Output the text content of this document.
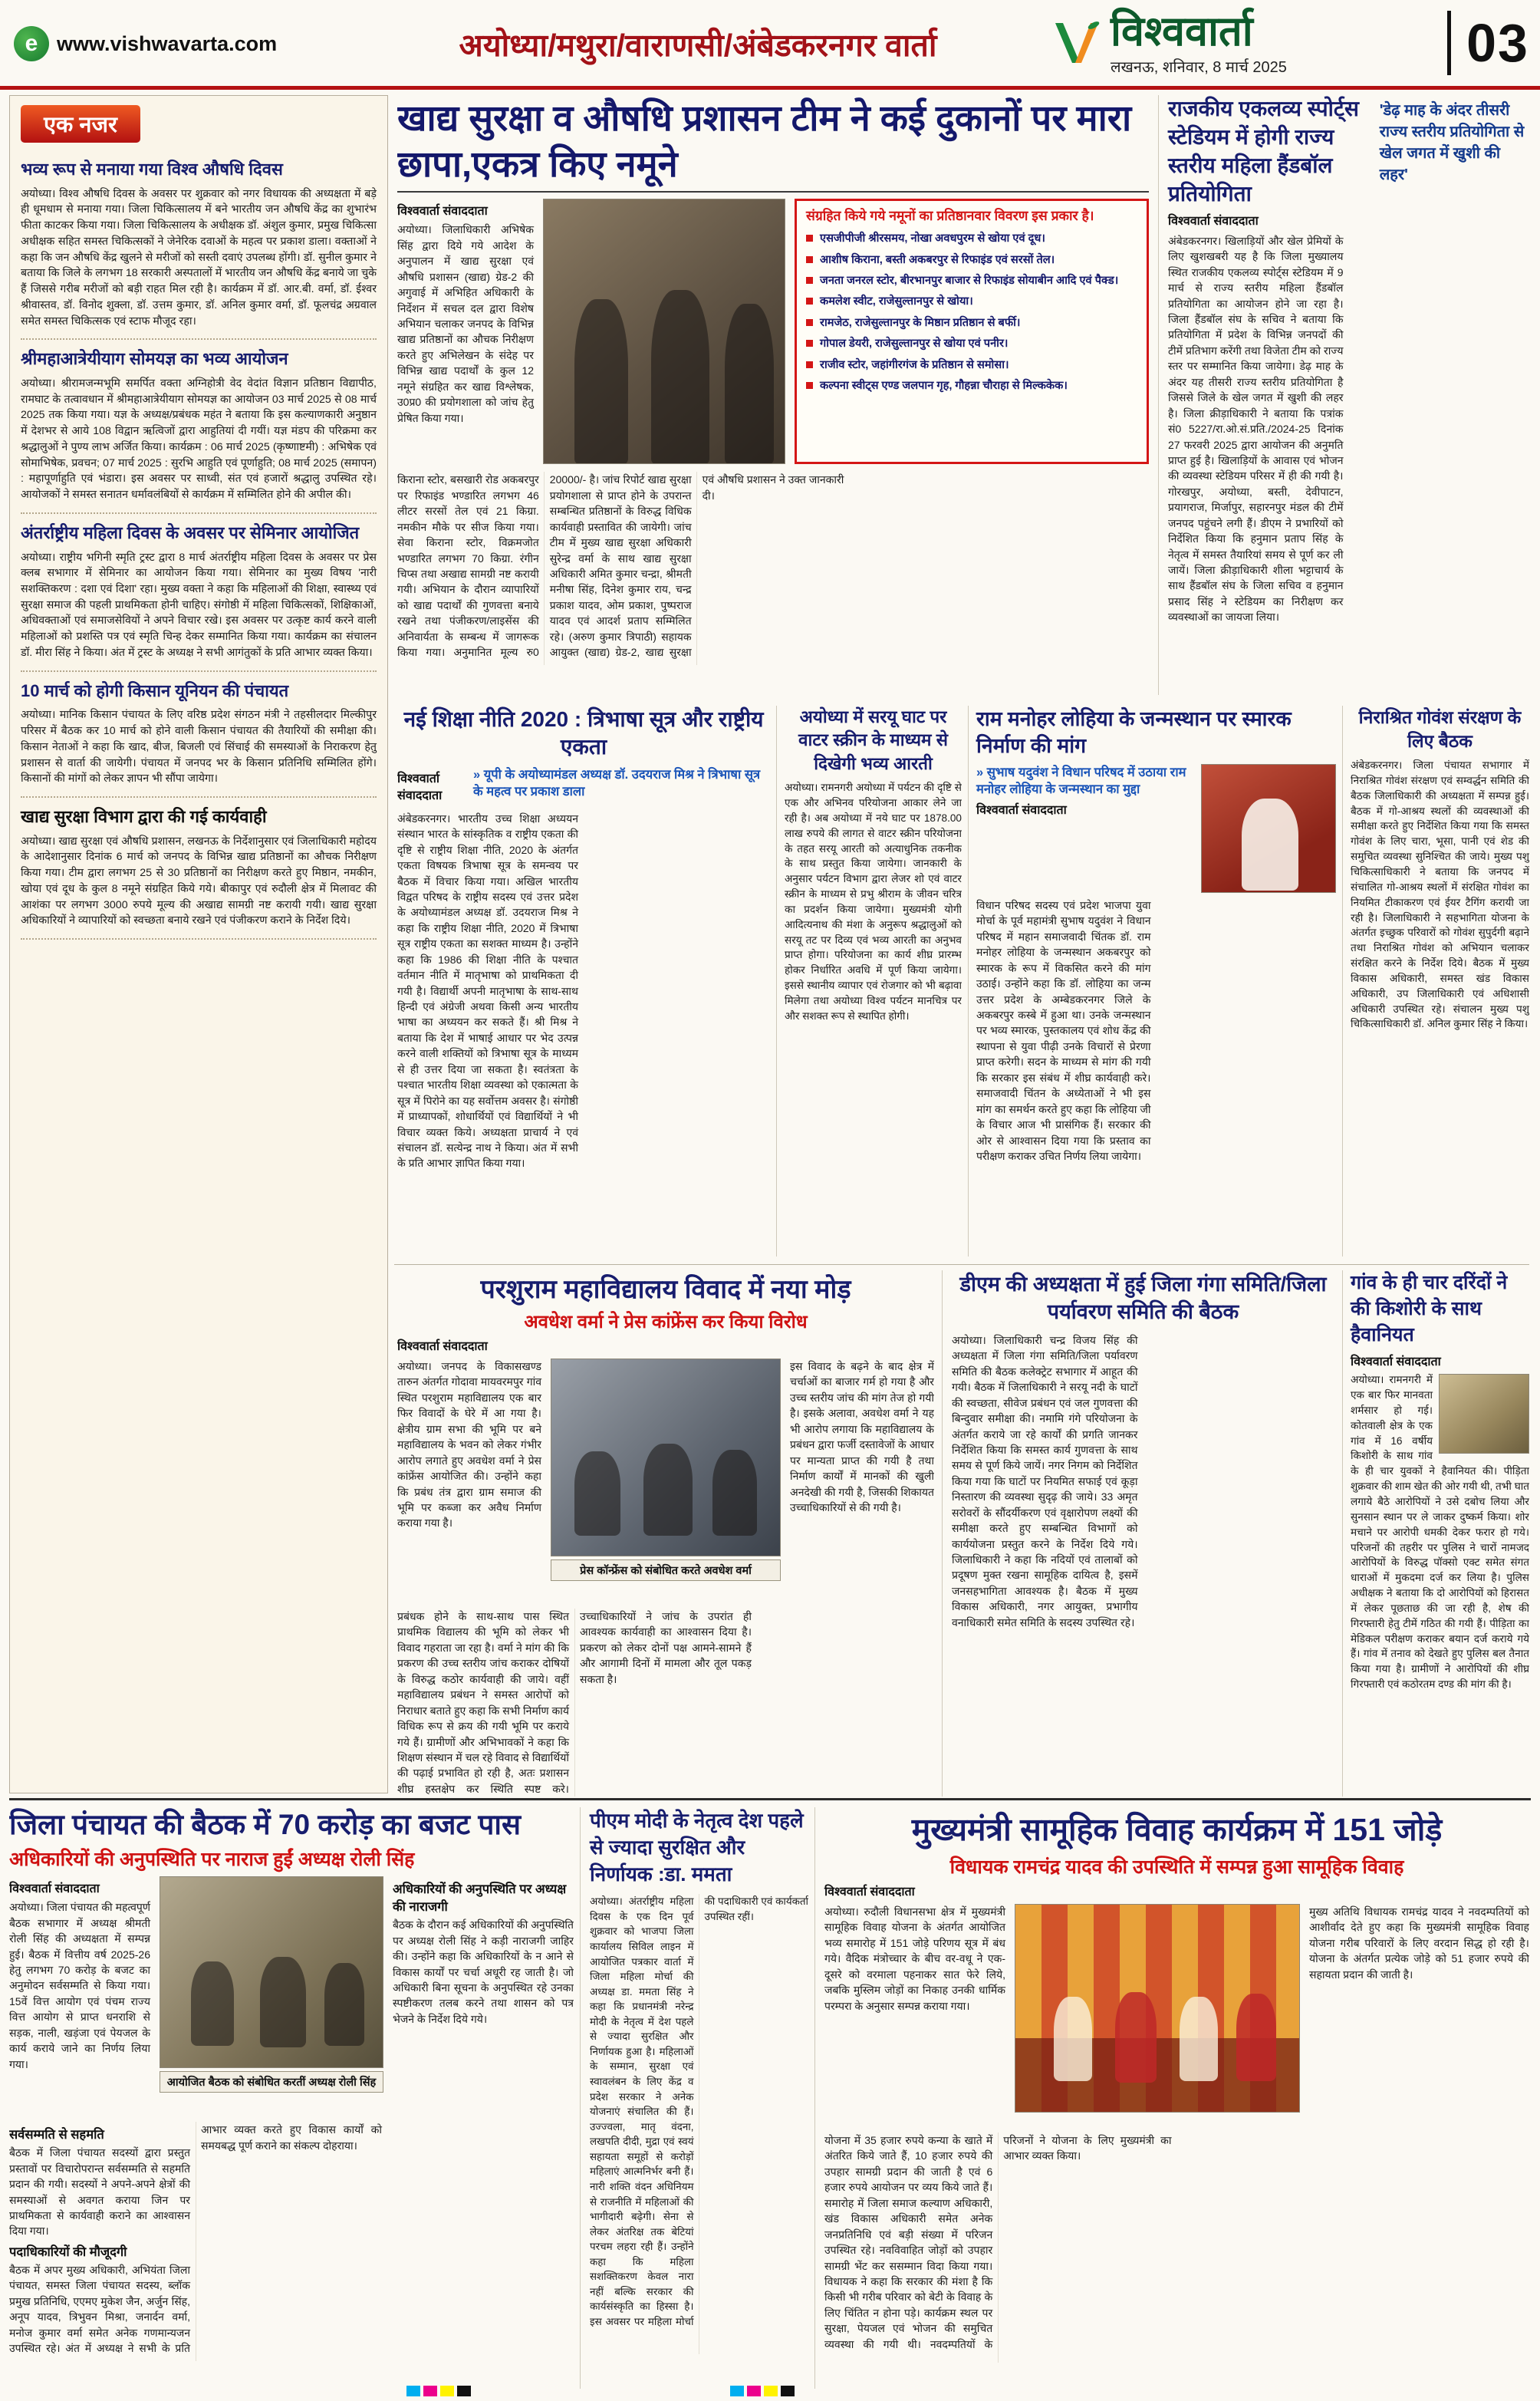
e www.vishwavarta.com	अयोध्या/मथुरा/वाराणसी/अंबेडकरनगर वार्ता	विश्ववार्ता
लखनऊ, शनिवार, 8 मार्च 2025	03
एक नजर
भव्य रूप से मनाया गया विश्व औषधि दिवस
अयोध्या। विश्व औषधि दिवस के अवसर पर शुक्रवार को नगर विधायक की अध्यक्षता में बड़े ही धूमधाम से मनाया गया। जिला चिकित्सालय में बने भारतीय जन औषधि केंद्र का शुभारंभ फीता काटकर किया गया। जिला चिकित्सालय के अधीक्षक डॉ. अंशुल कुमार, प्रमुख चिकित्सा अधीक्षक सहित समस्त चिकित्सकों ने जेनेरिक दवाओं के महत्व पर प्रकाश डाला। वक्ताओं ने कहा कि जन औषधि केंद्र खुलने से मरीजों को सस्ती दवाएं उपलब्ध होंगी। डॉ. सुनील कुमार ने बताया कि जिले के लगभग 18 सरकारी अस्पतालों में भारतीय जन औषधि केंद्र बनाये जा चुके हैं जिससे गरीब मरीजों को बड़ी राहत मिल रही है। कार्यक्रम में डॉ. आर.बी. वर्मा, डॉ. ईश्वर श्रीवास्तव, डॉ. विनोद शुक्ला, डॉ. उत्तम कुमार, डॉ. अनिल कुमार वर्मा, डॉ. फूलचंद्र अग्रवाल समेत समस्त चिकित्सक एवं स्टाफ मौजूद रहा।
श्रीमहाआत्रेयीयाग सोमयज्ञ का भव्य आयोजन
अयोध्या। श्रीरामजन्मभूमि समर्पित वक्ता अग्निहोत्री वेद वेदांत विज्ञान प्रतिष्ठान विद्यापीठ, रामघाट के तत्वावधान में श्रीमहाआत्रेयीयाग सोमयज्ञ का आयोजन 03 मार्च 2025 से 08 मार्च 2025 तक किया गया। यज्ञ के अध्यक्ष/प्रबंधक महंत ने बताया कि इस कल्याणकारी अनुष्ठान में देशभर से आये 108 विद्वान ऋत्विजों द्वारा आहुतियां दी गयीं। यज्ञ मंडप की परिक्रमा कर श्रद्धालुओं ने पुण्य लाभ अर्जित किया। कार्यक्रम : 06 मार्च 2025 (कृष्णाष्टमी) : अभिषेक एवं सोमाभिषेक, प्रवचन; 07 मार्च 2025 : सुरभि आहुति एवं पूर्णाहुति; 08 मार्च 2025 (समापन) : महापूर्णाहुति एवं भंडारा। इस अवसर पर साध्वी, संत एवं हजारों श्रद्धालु उपस्थित रहे। आयोजकों ने समस्त सनातन धर्मावलंबियों से कार्यक्रम में सम्मिलित होने की अपील की।
अंतर्राष्ट्रीय महिला दिवस के अवसर पर सेमिनार आयोजित
अयोध्या। राष्ट्रीय भगिनी स्मृति ट्रस्ट द्वारा 8 मार्च अंतर्राष्ट्रीय महिला दिवस के अवसर पर प्रेस क्लब सभागार में सेमिनार का आयोजन किया गया। सेमिनार का मुख्य विषय 'नारी सशक्तिकरण : दशा एवं दिशा' रहा। मुख्य वक्ता ने कहा कि महिलाओं की शिक्षा, स्वास्थ्य एवं सुरक्षा समाज की पहली प्राथमिकता होनी चाहिए। संगोष्ठी में महिला चिकित्सकों, शिक्षिकाओं, अधिवक्ताओं एवं समाजसेवियों ने अपने विचार रखे। इस अवसर पर उत्कृष्ट कार्य करने वाली महिलाओं को प्रशस्ति पत्र एवं स्मृति चिन्ह देकर सम्मानित किया गया। कार्यक्रम का संचालन डॉ. मीरा सिंह ने किया। अंत में ट्रस्ट के अध्यक्ष ने सभी आगंतुकों के प्रति आभार व्यक्त किया।
10 मार्च को होगी किसान यूनियन की पंचायत
अयोध्या। मानिक किसान पंचायत के लिए वरिष्ठ प्रदेश संगठन मंत्री ने तहसीलदार मिल्कीपुर परिसर में बैठक कर 10 मार्च को होने वाली किसान पंचायत की तैयारियों की समीक्षा की। किसान नेताओं ने कहा कि खाद, बीज, बिजली एवं सिंचाई की समस्याओं के निराकरण हेतु प्रशासन से वार्ता की जायेगी। पंचायत में जनपद भर के किसान प्रतिनिधि सम्मिलित होंगे। किसानों की मांगों को लेकर ज्ञापन भी सौंपा जायेगा।
खाद्य सुरक्षा विभाग द्वारा की गई कार्यवाही
अयोध्या। खाद्य सुरक्षा एवं औषधि प्रशासन, लखनऊ के निर्देशानुसार एवं जिलाधिकारी महोदय के आदेशानुसार दिनांक 6 मार्च को जनपद के विभिन्न खाद्य प्रतिष्ठानों का औचक निरीक्षण किया गया। टीम द्वारा लगभग 25 से 30 प्रतिष्ठानों का निरीक्षण करते हुए मिष्ठान, नमकीन, खोया एवं दूध के कुल 8 नमूने संग्रहित किये गये। बीकापुर एवं रुदौली क्षेत्र में मिलावट की आशंका पर लगभग 3000 रुपये मूल्य की अखाद्य सामग्री नष्ट करायी गयी। खाद्य सुरक्षा अधिकारियों ने व्यापारियों को स्वच्छता बनाये रखने एवं पंजीकरण कराने के निर्देश दिये।
खाद्य सुरक्षा व औषधि प्रशासन टीम ने कई दुकानों पर मारा छापा,एकत्र किए नमूने
विश्ववार्ता संवाददाता
अयोध्या। जिलाधिकारी अभिषेक सिंह द्वारा दिये गये आदेश के अनुपालन में खाद्य सुरक्षा एवं औषधि प्रशासन (खाद्य) ग्रेड-2 की अगुवाई में अभिहित अधिकारी के निर्देशन में सचल दल द्वारा विशेष अभियान चलाकर जनपद के विभिन्न खाद्य प्रतिष्ठानों का औचक निरीक्षण करते हुए अभिलेखन के संदेह पर विभिन्न खाद्य पदार्थों के कुल 12 नमूने संग्रहित कर खाद्य विश्लेषक, उ0प्र0 की प्रयोगशाला को जांच हेतु प्रेषित किया गया।
संग्रहित किये गये नमूनों का प्रतिष्ठानवार विवरण इस प्रकार है।
एसजीपीजी श्रीरसमय, नोखा अवधपुरम से खोया एवं दूध।
आशीष किराना, बस्ती अकबरपुर से रिफाइंड एवं सरसों तेल।
जनता जनरल स्टोर, बीरभानपुर बाजार से रिफाइंड सोयाबीन आदि एवं पैक्ड।
कमलेश स्वीट, राजेसुल्तानपुर से खोया।
रामजेठ, राजेसुल्तानपुर के मिष्ठान प्रतिष्ठान से बर्फी।
गोपाल डेयरी, राजेसुल्तानपुर से खोया एवं पनीर।
राजीव स्टोर, जहांगीरगंज के प्रतिष्ठान से समोसा।
कल्पना स्वीट्स एण्ड जलपान गृह, गौहन्ना चौराहा से मिल्ककेक।
किराना स्टोर, बसखारी रोड अकबरपुर पर रिफाइंड भण्डारित लगभग 46 लीटर सरसों तेल एवं 21 किग्रा. नमकीन मौके पर सीज किया गया। सेवा किराना स्टोर, विक्रमजोत भण्डारित लगभग 70 किग्रा. रंगीन चिप्स तथा अखाद्य सामग्री नष्ट करायी गयी। अभियान के दौरान व्यापारियों को खाद्य पदार्थों की गुणवत्ता बनाये रखने तथा पंजीकरण/लाइसेंस की अनिवार्यता के सम्बन्ध में जागरूक किया गया। अनुमानित मूल्य रु0 20000/- है। जांच रिपोर्ट खाद्य सुरक्षा प्रयोगशाला से प्राप्त होने के उपरान्त सम्बन्धित प्रतिष्ठानों के विरुद्ध विधिक कार्यवाही प्रस्तावित की जायेगी। जांच टीम में मुख्य खाद्य सुरक्षा अधिकारी सुरेन्द्र वर्मा के साथ खाद्य सुरक्षा अधिकारी अमित कुमार चन्द्रा, श्रीमती मनीषा सिंह, दिनेश कुमार राय, चन्द्र प्रकाश यादव, ओम प्रकाश, पुष्पराज यादव एवं आदर्श प्रताप सम्मिलित रहे। (अरुण कुमार त्रिपाठी) सहायक आयुक्त (खाद्य) ग्रेड-2, खाद्य सुरक्षा एवं औषधि प्रशासन ने उक्त जानकारी दी।
राजकीय एकलव्य स्पोर्ट्स स्टेडियम में होगी राज्य स्तरीय महिला हैंडबॉल प्रतियोगिता
'डेढ़ माह के अंदर तीसरी राज्य स्तरीय प्रतियोगिता से खेल जगत में खुशी की लहर'
विश्ववार्ता संवाददाता
अंबेडकरनगर। खिलाड़ियों और खेल प्रेमियों के लिए खुशखबरी यह है कि जिला मुख्यालय स्थित राजकीय एकलव्य स्पोर्ट्स स्टेडियम में 9 मार्च से राज्य स्तरीय महिला हैंडबॉल प्रतियोगिता का आयोजन होने जा रहा है। जिला हैंडबॉल संघ के सचिव ने बताया कि प्रतियोगिता में प्रदेश के विभिन्न जनपदों की टीमें प्रतिभाग करेंगी तथा विजेता टीम को राज्य स्तर पर सम्मानित किया जायेगा। डेढ़ माह के अंदर यह तीसरी राज्य स्तरीय प्रतियोगिता है जिससे जिले के खेल जगत में खुशी की लहर है। जिला क्रीड़ाधिकारी ने बताया कि पत्रांक सं0 5227/रा.ओ.सं.प्रति./2024-25 दिनांक 27 फरवरी 2025 द्वारा आयोजन की अनुमति प्राप्त हुई है। खिलाड़ियों के आवास एवं भोजन की व्यवस्था स्टेडियम परिसर में ही की गयी है। गोरखपुर, अयोध्या, बस्ती, देवीपाटन, प्रयागराज, मिर्जापुर, सहारनपुर मंडल की टीमें जनपद पहुंचने लगी हैं। डीएम ने प्रभारियों को निर्देशित किया कि हनुमान प्रताप सिंह के नेतृत्व में समस्त तैयारियां समय से पूर्ण कर ली जायें। जिला क्रीड़ाधिकारी शीला भट्टाचार्य के साथ हैंडबॉल संघ के जिला सचिव व हनुमान प्रसाद सिंह ने स्टेडियम का निरीक्षण कर व्यवस्थाओं का जायजा लिया।
नई शिक्षा नीति 2020 : त्रिभाषा सूत्र और राष्ट्रीय एकता
विश्ववार्ता संवाददाता
» यूपी के अयोध्यामंडल अध्यक्ष डॉ. उदयराज मिश्र ने त्रिभाषा सूत्र के महत्व पर प्रकाश डाला
अंबेडकरनगर। भारतीय उच्च शिक्षा अध्ययन संस्थान भारत के सांस्कृतिक व राष्ट्रीय एकता की दृष्टि से राष्ट्रीय शिक्षा नीति, 2020 के अंतर्गत एकता विषयक त्रिभाषा सूत्र के समन्वय पर बैठक में विचार किया गया। अखिल भारतीय विद्वत परिषद के राष्ट्रीय सदस्य एवं उत्तर प्रदेश के अयोध्यामंडल अध्यक्ष डॉ. उदयराज मिश्र ने कहा कि राष्ट्रीय शिक्षा नीति, 2020 में त्रिभाषा सूत्र राष्ट्रीय एकता का सशक्त माध्यम है। उन्होंने कहा कि 1986 की शिक्षा नीति के पश्चात वर्तमान नीति में मातृभाषा को प्राथमिकता दी गयी है। विद्यार्थी अपनी मातृभाषा के साथ-साथ हिन्दी एवं अंग्रेजी अथवा किसी अन्य भारतीय भाषा का अध्ययन कर सकते हैं। श्री मिश्र ने बताया कि देश में भाषाई आधार पर भेद उत्पन्न करने वाली शक्तियों को त्रिभाषा सूत्र के माध्यम से ही उत्तर दिया जा सकता है। स्वतंत्रता के पश्चात भारतीय शिक्षा व्यवस्था को एकात्मता के सूत्र में पिरोने का यह सर्वोत्तम अवसर है। संगोष्ठी में प्राध्यापकों, शोधार्थियों एवं विद्यार्थियों ने भी विचार व्यक्त किये। अध्यक्षता प्राचार्य ने एवं संचालन डॉ. सत्येन्द्र नाथ ने किया। अंत में सभी के प्रति आभार ज्ञापित किया गया।
अयोध्या में सरयू घाट पर वाटर स्क्रीन के माध्यम से दिखेगी भव्य आरती
अयोध्या। रामनगरी अयोध्या में पर्यटन की दृष्टि से एक और अभिनव परियोजना आकार लेने जा रही है। अब अयोध्या में नये घाट पर 1878.00 लाख रुपये की लागत से वाटर स्क्रीन परियोजना के तहत सरयू आरती को अत्याधुनिक तकनीक के साथ प्रस्तुत किया जायेगा। जानकारी के अनुसार पर्यटन विभाग द्वारा लेजर शो एवं वाटर स्क्रीन के माध्यम से प्रभु श्रीराम के जीवन चरित्र का प्रदर्शन किया जायेगा। मुख्यमंत्री योगी आदित्यनाथ की मंशा के अनुरूप श्रद्धालुओं को सरयू तट पर दिव्य एवं भव्य आरती का अनुभव प्राप्त होगा। परियोजना का कार्य शीघ्र प्रारम्भ होकर निर्धारित अवधि में पूर्ण किया जायेगा। इससे स्थानीय व्यापार एवं रोजगार को भी बढ़ावा मिलेगा तथा अयोध्या विश्व पर्यटन मानचित्र पर और सशक्त रूप से स्थापित होगी।
राम मनोहर लोहिया के जन्मस्थान पर स्मारक निर्माण की मांग
» सुभाष यदुवंश ने विधान परिषद में उठाया राम मनोहर लोहिया के जन्मस्थान का मुद्दा
विश्ववार्ता संवाददाता
विधान परिषद सदस्य एवं प्रदेश भाजपा युवा मोर्चा के पूर्व महामंत्री सुभाष यदुवंश ने विधान परिषद में महान समाजवादी चिंतक डॉ. राम मनोहर लोहिया के जन्मस्थान अकबरपुर को स्मारक के रूप में विकसित करने की मांग उठाई। उन्होंने कहा कि डॉ. लोहिया का जन्म उत्तर प्रदेश के अम्बेडकरनगर जिले के अकबरपुर कस्बे में हुआ था। उनके जन्मस्थान पर भव्य स्मारक, पुस्तकालय एवं शोध केंद्र की स्थापना से युवा पीढ़ी उनके विचारों से प्रेरणा प्राप्त करेगी। सदन के माध्यम से मांग की गयी कि सरकार इस संबंध में शीघ्र कार्यवाही करे। समाजवादी चिंतन के अध्येताओं ने भी इस मांग का समर्थन करते हुए कहा कि लोहिया जी के विचार आज भी प्रासंगिक हैं। सरकार की ओर से आश्वासन दिया गया कि प्रस्ताव का परीक्षण कराकर उचित निर्णय लिया जायेगा।
निराश्रित गोवंश संरक्षण के लिए बैठक
अंबेडकरनगर। जिला पंचायत सभागार में निराश्रित गोवंश संरक्षण एवं सम्वर्द्धन समिति की बैठक जिलाधिकारी की अध्यक्षता में सम्पन्न हुई। बैठक में गो-आश्रय स्थलों की व्यवस्थाओं की समीक्षा करते हुए निर्देशित किया गया कि समस्त गोवंश के लिए चारा, भूसा, पानी एवं शेड की समुचित व्यवस्था सुनिश्चित की जाये। मुख्य पशु चिकित्साधिकारी ने बताया कि जनपद में संचालित गो-आश्रय स्थलों में संरक्षित गोवंश का नियमित टीकाकरण एवं ईयर टैगिंग करायी जा रही है। जिलाधिकारी ने सहभागिता योजना के अंतर्गत इच्छुक परिवारों को गोवंश सुपुर्दगी बढ़ाने तथा निराश्रित गोवंश को अभियान चलाकर संरक्षित करने के निर्देश दिये। बैठक में मुख्य विकास अधिकारी, समस्त खंड विकास अधिकारी, उप जिलाधिकारी एवं अधिशासी अधिकारी उपस्थित रहे। संचालन मुख्य पशु चिकित्साधिकारी डॉ. अनिल कुमार सिंह ने किया।
परशुराम महाविद्यालय विवाद में नया मोड़
अवधेश वर्मा ने प्रेस कांफ्रेंस कर किया विरोध
विश्ववार्ता संवाददाता
अयोध्या। जनपद के विकासखण्ड तारुन अंतर्गत गोदावा मायवरमपुर गांव स्थित परशुराम महाविद्यालय एक बार फिर विवादों के घेरे में आ गया है। क्षेत्रीय ग्राम सभा की भूमि पर बने महाविद्यालय के भवन को लेकर गंभीर आरोप लगाते हुए अवधेश वर्मा ने प्रेस कांफ्रेंस आयोजित की। उन्होंने कहा कि प्रबंध तंत्र द्वारा ग्राम समाज की भूमि पर कब्जा कर अवैध निर्माण कराया गया है।
प्रेस कॉन्फ्रेंस को संबोधित करते अवधेश वर्मा
इस विवाद के बढ़ने के बाद क्षेत्र में चर्चाओं का बाजार गर्म हो गया है और उच्च स्तरीय जांच की मांग तेज हो गयी है। इसके अलावा, अवधेश वर्मा ने यह भी आरोप लगाया कि महाविद्यालय के प्रबंधन द्वारा फर्जी दस्तावेजों के आधार पर मान्यता प्राप्त की गयी है तथा निर्माण कार्यों में मानकों की खुली अनदेखी की गयी है, जिसकी शिकायत उच्चाधिकारियों से की गयी है।
प्रबंधक होने के साथ-साथ पास स्थित प्राथमिक विद्यालय की भूमि को लेकर भी विवाद गहराता जा रहा है। वर्मा ने मांग की कि प्रकरण की उच्च स्तरीय जांच कराकर दोषियों के विरुद्ध कठोर कार्यवाही की जाये। वहीं महाविद्यालय प्रबंधन ने समस्त आरोपों को निराधार बताते हुए कहा कि सभी निर्माण कार्य विधिक रूप से क्रय की गयी भूमि पर कराये गये हैं। ग्रामीणों और अभिभावकों ने कहा कि शिक्षण संस्थान में चल रहे विवाद से विद्यार्थियों की पढ़ाई प्रभावित हो रही है, अतः प्रशासन शीघ्र हस्तक्षेप कर स्थिति स्पष्ट करे। उच्चाधिकारियों ने जांच के उपरांत ही आवश्यक कार्यवाही का आश्वासन दिया है। प्रकरण को लेकर दोनों पक्ष आमने-सामने हैं और आगामी दिनों में मामला और तूल पकड़ सकता है।
डीएम की अध्यक्षता में हुई जिला गंगा समिति/जिला पर्यावरण समिति की बैठक
अयोध्या। जिलाधिकारी चन्द्र विजय सिंह की अध्यक्षता में जिला गंगा समिति/जिला पर्यावरण समिति की बैठक कलेक्ट्रेट सभागार में आहूत की गयी। बैठक में जिलाधिकारी ने सरयू नदी के घाटों की स्वच्छता, सीवेज प्रबंधन एवं जल गुणवत्ता की बिन्दुवार समीक्षा की। नमामि गंगे परियोजना के अंतर्गत कराये जा रहे कार्यों की प्रगति जानकर निर्देशित किया कि समस्त कार्य गुणवत्ता के साथ समय से पूर्ण किये जायें। नगर निगम को निर्देशित किया गया कि घाटों पर नियमित सफाई एवं कूड़ा निस्तारण की व्यवस्था सुदृढ़ की जाये। 33 अमृत सरोवरों के सौंदर्यीकरण एवं वृक्षारोपण लक्ष्यों की समीक्षा करते हुए सम्बन्धित विभागों को कार्ययोजना प्रस्तुत करने के निर्देश दिये गये। जिलाधिकारी ने कहा कि नदियों एवं तालाबों को प्रदूषण मुक्त रखना सामूहिक दायित्व है, इसमें जनसहभागिता आवश्यक है। बैठक में मुख्य विकास अधिकारी, नगर आयुक्त, प्रभागीय वनाधिकारी समेत समिति के सदस्य उपस्थित रहे।
गांव के ही चार दरिंदों ने की किशोरी के साथ हैवानियत
विश्ववार्ता संवाददाता
अयोध्या। रामनगरी में एक बार फिर मानवता शर्मसार हो गई। कोतवाली क्षेत्र के एक गांव में 16 वर्षीय किशोरी के साथ गांव के ही चार युवकों ने हैवानियत की। पीड़िता शुक्रवार की शाम खेत की ओर गयी थी, तभी घात लगाये बैठे आरोपियों ने उसे दबोच लिया और सुनसान स्थान पर ले जाकर दुष्कर्म किया। शोर मचाने पर आरोपी धमकी देकर फरार हो गये। परिजनों की तहरीर पर पुलिस ने चारों नामजद आरोपियों के विरुद्ध पॉक्सो एक्ट समेत संगत धाराओं में मुकदमा दर्ज कर लिया है। पुलिस अधीक्षक ने बताया कि दो आरोपियों को हिरासत में लेकर पूछताछ की जा रही है, शेष की गिरफ्तारी हेतु टीमें गठित की गयी हैं। पीड़िता का मेडिकल परीक्षण कराकर बयान दर्ज कराये गये हैं। गांव में तनाव को देखते हुए पुलिस बल तैनात किया गया है। ग्रामीणों ने आरोपियों की शीघ्र गिरफ्तारी एवं कठोरतम दण्ड की मांग की है।
जिला पंचायत की बैठक में 70 करोड़ का बजट पास
अधिकारियों की अनुपस्थिति पर नाराज हुईं अध्यक्ष रोली सिंह
विश्ववार्ता संवाददाता
अयोध्या। जिला पंचायत की महत्वपूर्ण बैठक सभागार में अध्यक्ष श्रीमती रोली सिंह की अध्यक्षता में सम्पन्न हुई। बैठक में वित्तीय वर्ष 2025-26 हेतु लगभग 70 करोड़ के बजट का अनुमोदन सर्वसम्मति से किया गया। 15वें वित्त आयोग एवं पंचम राज्य वित्त आयोग से प्राप्त धनराशि से सड़क, नाली, खड़ंजा एवं पेयजल के कार्य कराये जाने का निर्णय लिया गया।
आयोजित बैठक को संबोधित करतीं अध्यक्ष रोली सिंह
अधिकारियों की अनुपस्थिति पर अध्यक्ष की नाराजगी
बैठक के दौरान कई अधिकारियों की अनुपस्थिति पर अध्यक्ष रोली सिंह ने कड़ी नाराजगी जाहिर की। उन्होंने कहा कि अधिकारियों के न आने से विकास कार्यों पर चर्चा अधूरी रह जाती है। जो अधिकारी बिना सूचना के अनुपस्थित रहे उनका स्पष्टीकरण तलब करने तथा शासन को पत्र भेजने के निर्देश दिये गये।
सर्वसम्मति से सहमति
बैठक में जिला पंचायत सदस्यों द्वारा प्रस्तुत प्रस्तावों पर विचारोपरान्त सर्वसम्मति से सहमति प्रदान की गयी। सदस्यों ने अपने-अपने क्षेत्रों की समस्याओं से अवगत कराया जिन पर प्राथमिकता से कार्यवाही कराने का आश्वासन दिया गया।
पदाधिकारियों की मौजूदगी
बैठक में अपर मुख्य अधिकारी, अभियंता जिला पंचायत, समस्त जिला पंचायत सदस्य, ब्लॉक प्रमुख प्रतिनिधि, एएमए मुकेश जैन, अर्जुन सिंह, अनूप यादव, त्रिभुवन मिश्रा, जनार्दन वर्मा, मनोज कुमार वर्मा समेत अनेक गणमान्यजन उपस्थित रहे। अंत में अध्यक्ष ने सभी के प्रति आभार व्यक्त करते हुए विकास कार्यों को समयबद्ध पूर्ण कराने का संकल्प दोहराया।
पीएम मोदी के नेतृत्व देश पहले से ज्यादा सुरक्षित और निर्णायक :डा. ममता
अयोध्या। अंतर्राष्ट्रीय महिला दिवस के एक दिन पूर्व शुक्रवार को भाजपा जिला कार्यालय सिविल लाइन में आयोजित पत्रकार वार्ता में जिला महिला मोर्चा की अध्यक्ष डा. ममता सिंह ने कहा कि प्रधानमंत्री नरेन्द्र मोदी के नेतृत्व में देश पहले से ज्यादा सुरक्षित और निर्णायक हुआ है। महिलाओं के सम्मान, सुरक्षा एवं स्वावलंबन के लिए केंद्र व प्रदेश सरकार ने अनेक योजनाएं संचालित की हैं। उज्ज्वला, मातृ वंदना, लखपति दीदी, मुद्रा एवं स्वयं सहायता समूहों से करोड़ों महिलाएं आत्मनिर्भर बनी हैं। नारी शक्ति वंदन अधिनियम से राजनीति में महिलाओं की भागीदारी बढ़ेगी। सेना से लेकर अंतरिक्ष तक बेटियां परचम लहरा रही हैं। उन्होंने कहा कि महिला सशक्तिकरण केवल नारा नहीं बल्कि सरकार की कार्यसंस्कृति का हिस्सा है। इस अवसर पर महिला मोर्चा की पदाधिकारी एवं कार्यकर्ता उपस्थित रहीं।
मुख्यमंत्री सामूहिक विवाह कार्यक्रम में 151 जोड़े
विधायक रामचंद्र यादव की उपस्थिति में सम्पन्न हुआ सामूहिक विवाह
विश्ववार्ता संवाददाता
अयोध्या। रुदौली विधानसभा क्षेत्र में मुख्यमंत्री सामूहिक विवाह योजना के अंतर्गत आयोजित भव्य समारोह में 151 जोड़े परिणय सूत्र में बंध गये। वैदिक मंत्रोच्चार के बीच वर-वधू ने एक-दूसरे को वरमाला पहनाकर सात फेरे लिये, जबकि मुस्लिम जोड़ों का निकाह उनकी धार्मिक परम्परा के अनुसार सम्पन्न कराया गया।
मुख्य अतिथि विधायक रामचंद्र यादव ने नवदम्पतियों को आशीर्वाद देते हुए कहा कि मुख्यमंत्री सामूहिक विवाह योजना गरीब परिवारों के लिए वरदान सिद्ध हो रही है। योजना के अंतर्गत प्रत्येक जोड़े को 51 हजार रुपये की सहायता प्रदान की जाती है।
योजना में 35 हजार रुपये कन्या के खाते में अंतरित किये जाते हैं, 10 हजार रुपये की उपहार सामग्री प्रदान की जाती है एवं 6 हजार रुपये आयोजन पर व्यय किये जाते हैं। समारोह में जिला समाज कल्याण अधिकारी, खंड विकास अधिकारी समेत अनेक जनप्रतिनिधि एवं बड़ी संख्या में परिजन उपस्थित रहे। नवविवाहित जोड़ों को उपहार सामग्री भेंट कर ससम्मान विदा किया गया। विधायक ने कहा कि सरकार की मंशा है कि किसी भी गरीब परिवार को बेटी के विवाह के लिए चिंतित न होना पड़े। कार्यक्रम स्थल पर सुरक्षा, पेयजल एवं भोजन की समुचित व्यवस्था की गयी थी। नवदम्पतियों के परिजनों ने योजना के लिए मुख्यमंत्री का आभार व्यक्त किया।
